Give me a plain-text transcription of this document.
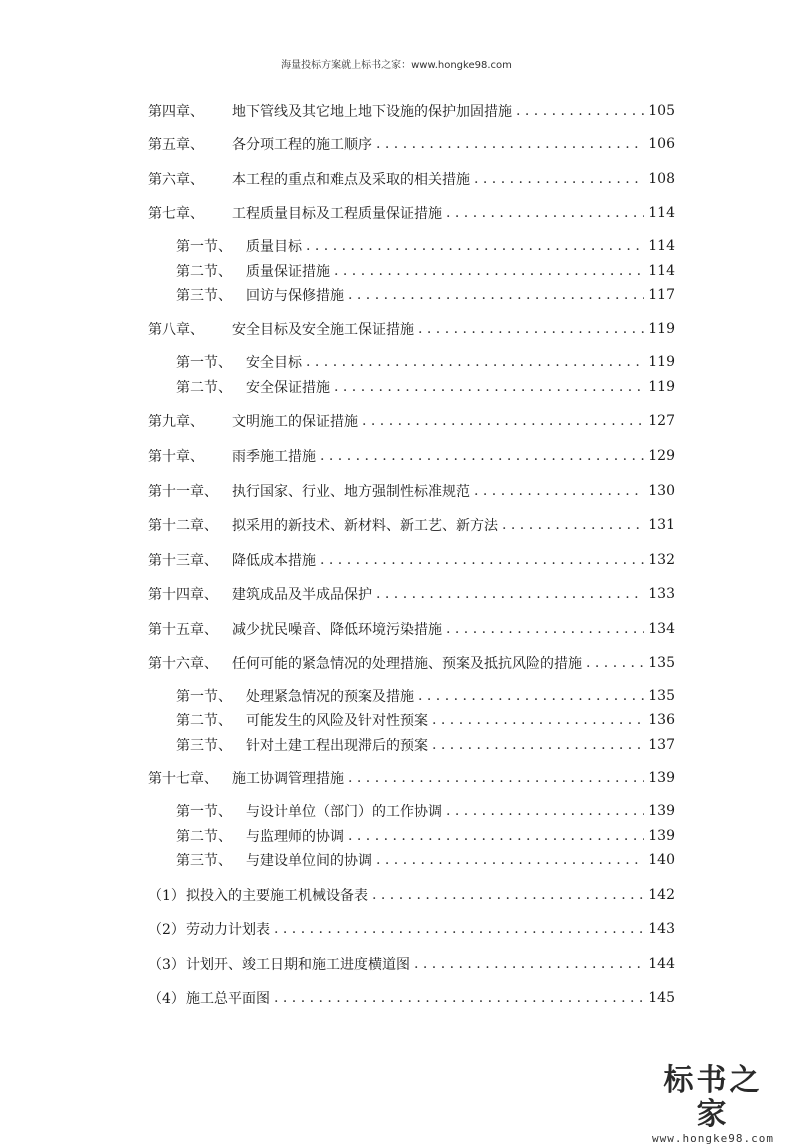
海量投标方案就上标书之家：www.hongke98.com
第四章、	地下管线及其它地上地下设施的保护加固措施 . . .	105
第五章、	各分项工程的施工顺序 . . .	106
第六章、	本工程的重点和难点及采取的相关措施 . . .	108
第七章、	工程质量目标及工程质量保证措施 . . .	114
第一节、	质量目标 . . .	114
第二节、	质量保证措施 . . .	114
第三节、	回访与保修措施 . . .	117
第八章、	安全目标及安全施工保证措施 . . .	119
第一节、	安全目标 . . .	119
第二节、	安全保证措施 . . .	119
第九章、	文明施工的保证措施 . . .	127
第十章、	雨季施工措施 . . .	129
第十一章、	执行国家、行业、地方强制性标准规范 . . .	130
第十二章、	拟采用的新技术、新材料、新工艺、新方法 . . .	131
第十三章、	降低成本措施 . . .	132
第十四章、	建筑成品及半成品保护 . . .	133
第十五章、	减少扰民噪音、降低环境污染措施 . . .	134
第十六章、	任何可能的紧急情况的处理措施、预案及抵抗风险的措施 . . .	135
第一节、	处理紧急情况的预案及措施 . . .	135
第二节、	可能发生的风险及针对性预案 . . .	136
第三节、	针对土建工程出现滞后的预案 . . .	137
第十七章、	施工协调管理措施 . . .	139
第一节、	与设计单位（部门）的工作协调 . . .	139
第二节、	与监理师的协调 . . .	139
第三节、	与建设单位间的协调 . . .	140
（1） 拟投入的主要施工机械设备表 . . .	142
（2） 劳动力计划表 . . .	143
（3） 计划开、竣工日期和施工进度横道图 . . .	144
（4） 施工总平面图 . . .	145
标书之家
www.hongke98.com
